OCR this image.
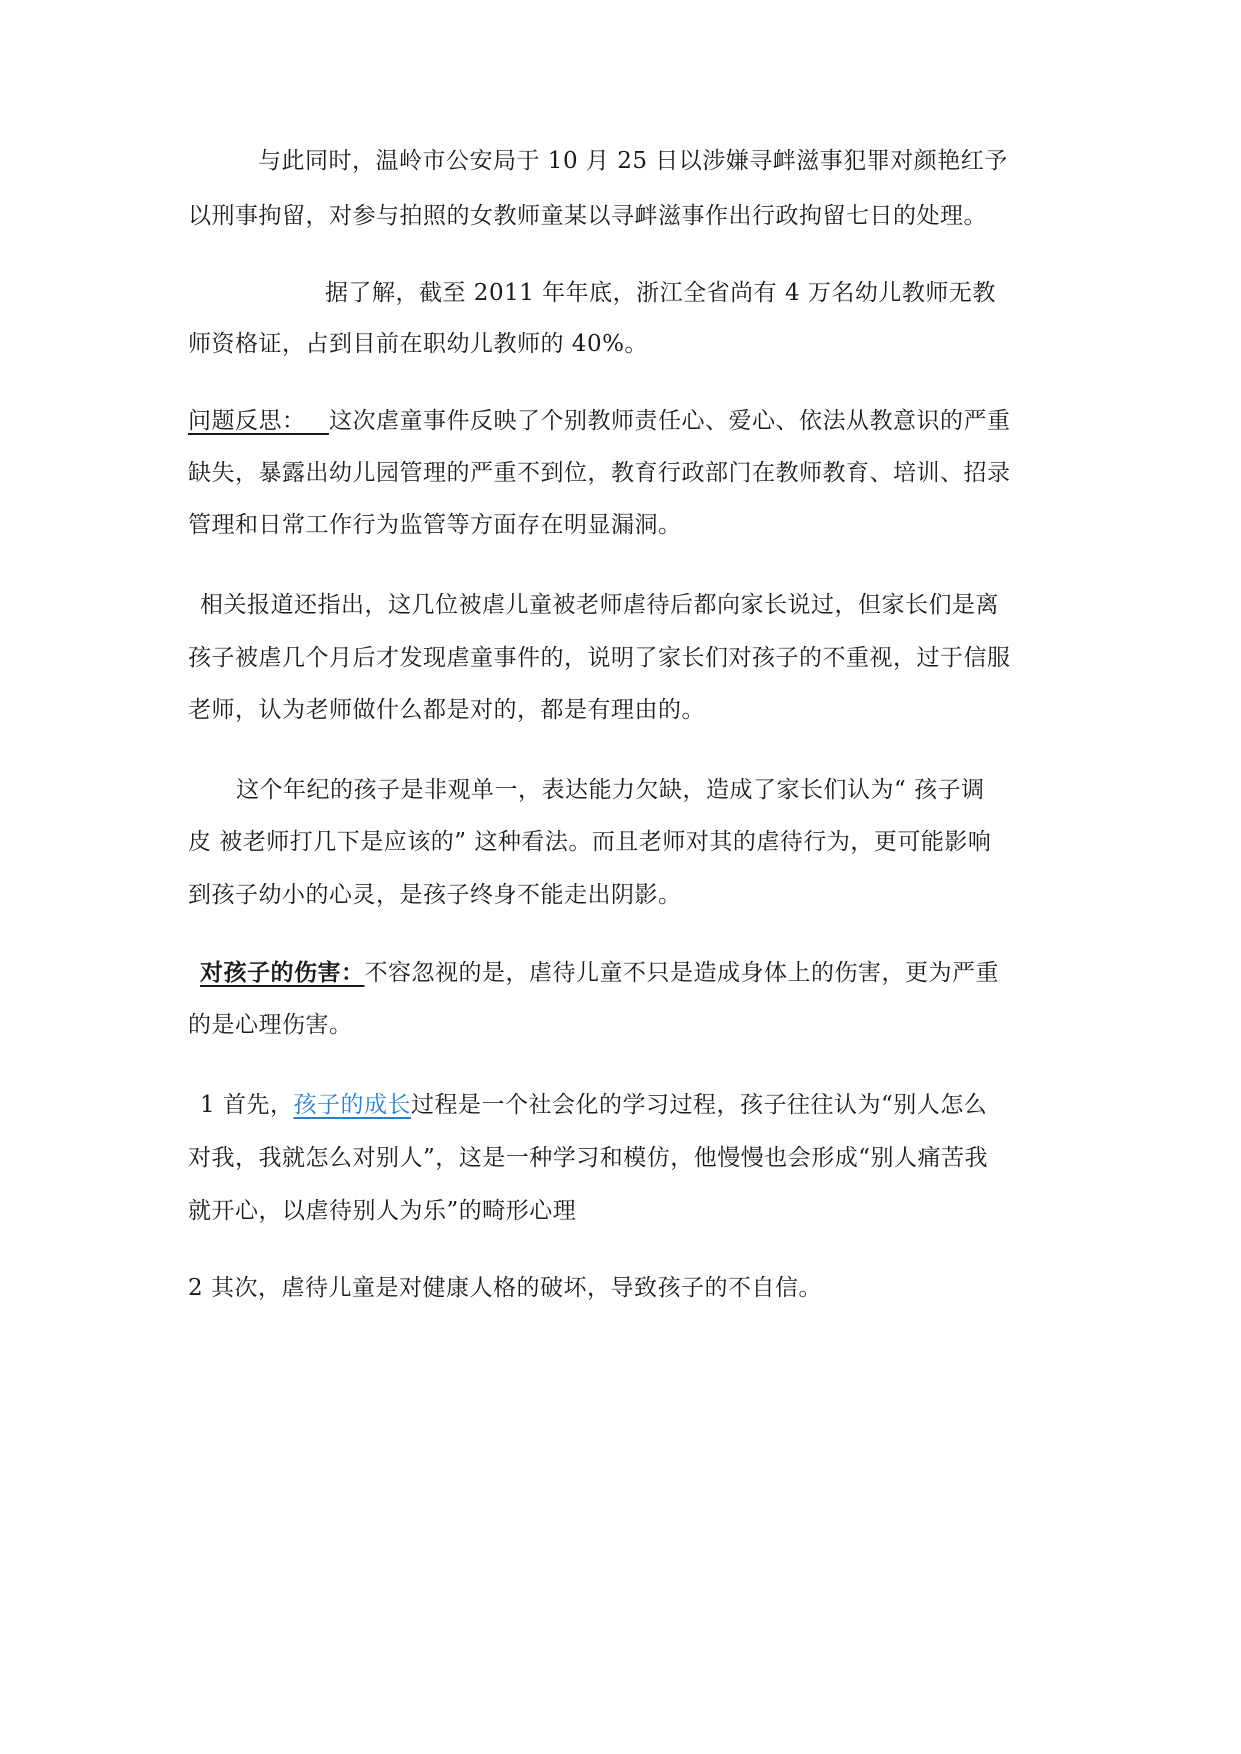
与此同时，温岭市公安局于 10 月 25 日以涉嫌寻衅滋事犯罪对颜艳红予
以刑事拘留，对参与拍照的女教师童某以寻衅滋事作出行政拘留七日的处理。
据了解，截至 2011 年年底，浙江全省尚有 4 万名幼儿教师无教
师资格证，占到目前在职幼儿教师的 40%。
问题反思： 这次虐童事件反映了个别教师责任心、爱心、依法从教意识的严重
缺失，暴露出幼儿园管理的严重不到位，教育行政部门在教师教育、培训、招录
管理和日常工作行为监管等方面存在明显漏洞。
相关报道还指出，这几位被虐儿童被老师虐待后都向家长说过，但家长们是离
孩子被虐几个月后才发现虐童事件的，说明了家长们对孩子的不重视，过于信服
老师，认为老师做什么都是对的，都是有理由的。
这个年纪的孩子是非观单一，表达能力欠缺，造成了家长们认为“ 孩子调
皮 被老师打几下是应该的” 这种看法。而且老师对其的虐待行为，更可能影响
到孩子幼小的心灵，是孩子终身不能走出阴影。
对孩子的伤害：不容忽视的是，虐待儿童不只是造成身体上的伤害，更为严重
的是心理伤害。
1 首先，孩子的成长过程是一个社会化的学习过程，孩子往往认为“别人怎么
对我，我就怎么对别人”，这是一种学习和模仿，他慢慢也会形成“别人痛苦我
就开心，以虐待别人为乐”的畸形心理
2 其次，虐待儿童是对健康人格的破坏，导致孩子的不自信。
